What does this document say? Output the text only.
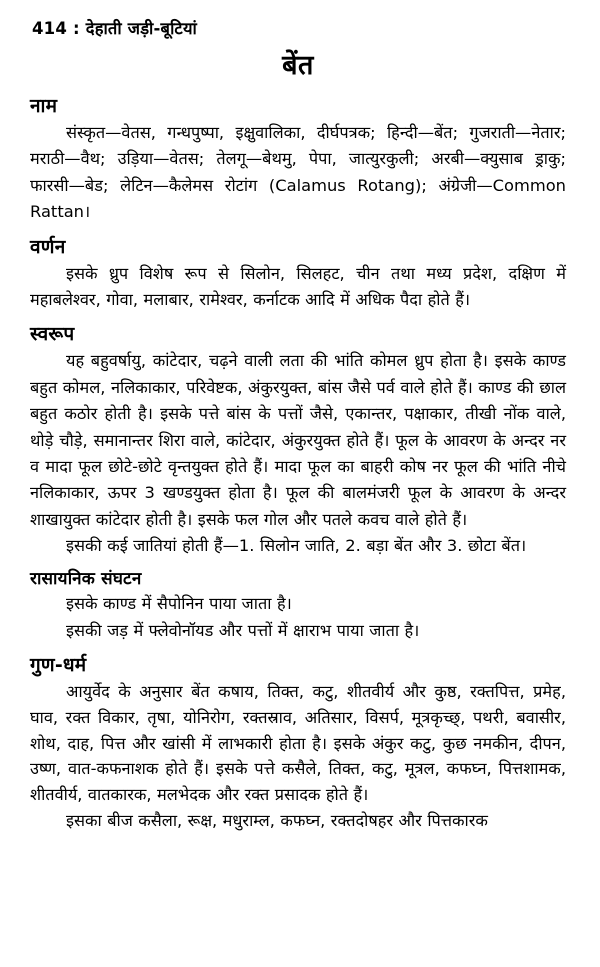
414 : देहाती जड़ी-बूटियां
बेंत
नाम

संस्कृत—वेतस, गन्धपुष्पा, इक्षुवालिका, दीर्घपत्रक; हिन्दी—बेंत; गुजराती—नेतार; मराठी—वैथ; उड़िया—वेतस; तेलगू—बेथमु, पेपा, जात्युरकुली; अरबी—क्युसाब ड्राकु; फारसी—बेड; लेटिन—कैलेमस रोटांग (Calamus Rotang); अंग्रेजी—Common Rattan।

वर्णन

इसके ध्रुप विशेष रूप से सिलोन, सिलहट, चीन तथा मध्य प्रदेश, दक्षिण में महाबलेश्वर, गोवा, मलाबार, रामेश्वर, कर्नाटक आदि में अधिक पैदा होते हैं।

स्वरूप

यह बहुवर्षायु, कांटेदार, चढ़ने वाली लता की भांति कोमल ध्रुप होता है। इसके काण्ड बहुत कोमल, नलिकाकार, परिवेष्टक, अंकुरयुक्त, बांस जैसे पर्व वाले होते हैं। काण्ड की छाल बहुत कठोर होती है। इसके पत्ते बांस के पत्तों जैसे, एकान्तर, पक्षाकार, तीखी नोंक वाले, थोड़े चौड़े, समानान्तर शिरा वाले, कांटेदार, अंकुरयुक्त होते हैं। फूल के आवरण के अन्दर नर व मादा फूल छोटे-छोटे वृन्तयुक्त होते हैं। मादा फूल का बाहरी कोष नर फूल की भांति नीचे नलिकाकार, ऊपर 3 खण्डयुक्त होता है। फूल की बालमंजरी फूल के आवरण के अन्दर शाखायुक्त कांटेदार होती है। इसके फल गोल और पतले कवच वाले होते हैं।

इसकी कई जातियां होती हैं—1. सिलोन जाति, 2. बड़ा बेंत और 3. छोटा बेंत।

रासायनिक संघटन

इसके काण्ड में सैपोनिन पाया जाता है।

इसकी जड़ में फ्लेवोनॉयड और पत्तों में क्षाराभ पाया जाता है।

गुण-धर्म

आयुर्वेद के अनुसार बेंत कषाय, तिक्त, कटु, शीतवीर्य और कुष्ठ, रक्तपित्त, प्रमेह, घाव, रक्त विकार, तृषा, योनिरोग, रक्तस्राव, अतिसार, विसर्प, मूत्रकृच्छ्, पथरी, बवासीर, शोथ, दाह, पित्त और खांसी में लाभकारी होता है। इसके अंकुर कटु, कुछ नमकीन, दीपन, उष्ण, वात-कफनाशक होते हैं। इसके पत्ते कसैले, तिक्त, कटु, मूत्रल, कफघ्न, पित्तशामक, शीतवीर्य, वातकारक, मलभेदक और रक्त प्रसादक होते हैं।

इसका बीज कसैला, रूक्ष, मधुराम्ल, कफघ्न, रक्तदोषहर और पित्तकारक
